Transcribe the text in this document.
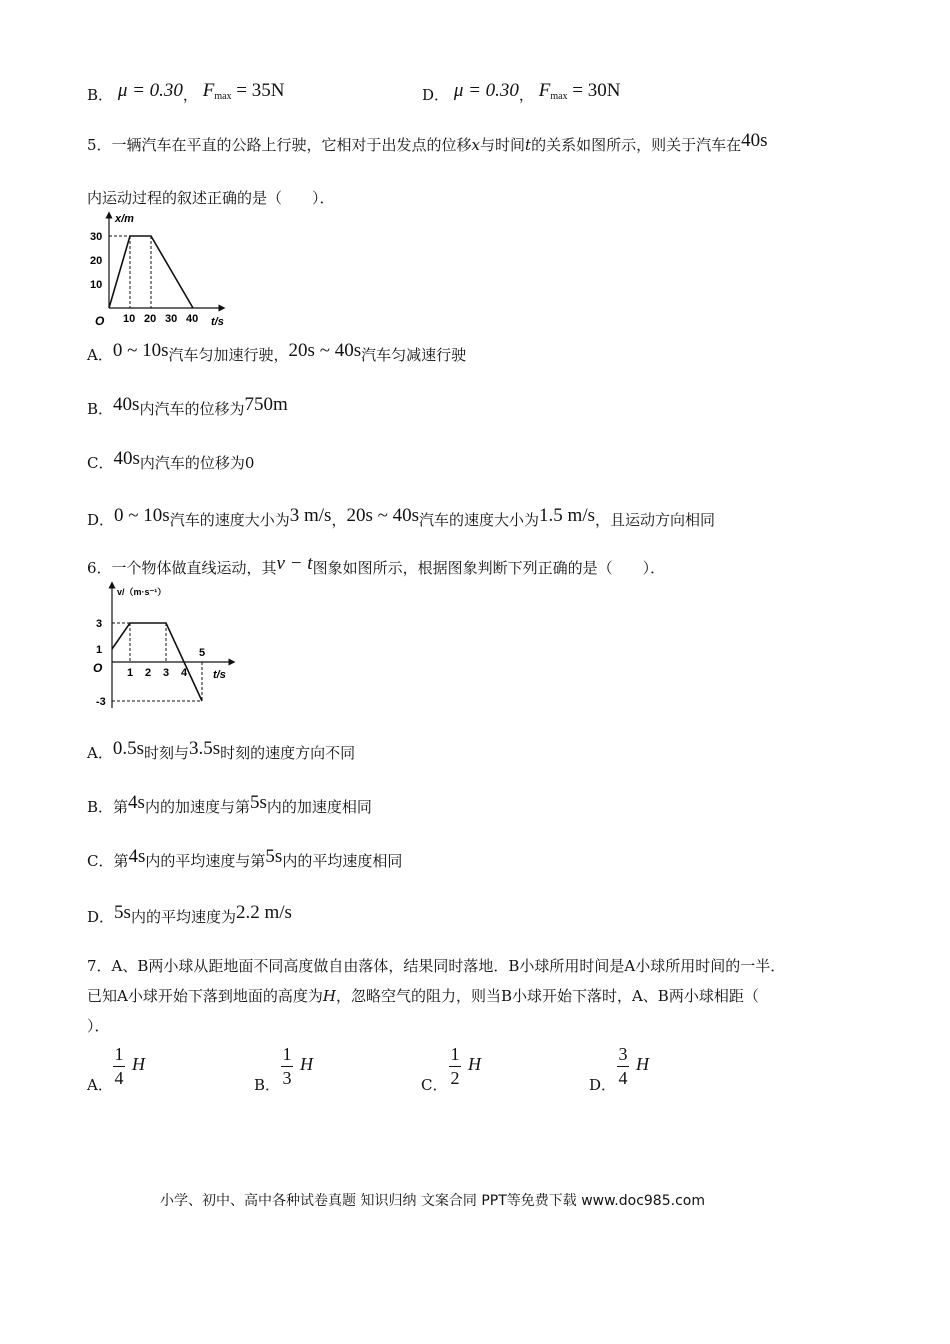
B． μ = 0.30， $F_{max} = 35N$	D． μ = 0.30， $F_{max} = 30N$
5．一辆汽车在平直的公路上行驶，它相对于出发点的位移x与时间t的关系如图所示，则关于汽车在40s
内运动过程的叙述正确的是（　　）．
10 20 30 40
10
20
30
x/m
t/s
O
A．0 ~ 10s汽车匀加速行驶，20s ~ 40s汽车匀减速行驶
B．40s内汽车的位移为750m
C．40s内汽车的位移为0
D．0 ~ 10s汽车的速度大小为3 m/s，20s ~ 40s汽车的速度大小为1.5 m/s，且运动方向相同
6．一个物体做直线运动，其v − t图象如图所示，根据图象判断下列正确的是（　　）．
1 2 3 4
5
3
1
-3
v/（m·s⁻¹）
t/s
O
A．0.5s时刻与3.5s时刻的速度方向不同
B．第4s内的加速度与第5s内的加速度相同
C．第4s内的平均速度与第5s内的平均速度相同
D．5s内的平均速度为2.2 m/s
7．A、B两小球从距地面不同高度做自由落体，结果同时落地．B小球所用时间是A小球所用时间的一半．
已知A小球开始下落到地面的高度为H，忽略空气的阻力，则当B小球开始下落时，A、B两小球相距（
）．
A．
1
4
H
B．
1
3
H
C．
1
2
H
D．
3
4
H
小学、初中、高中各种试卷真题 知识归纳 文案合同 PPT等免费下载 www.doc985.com
